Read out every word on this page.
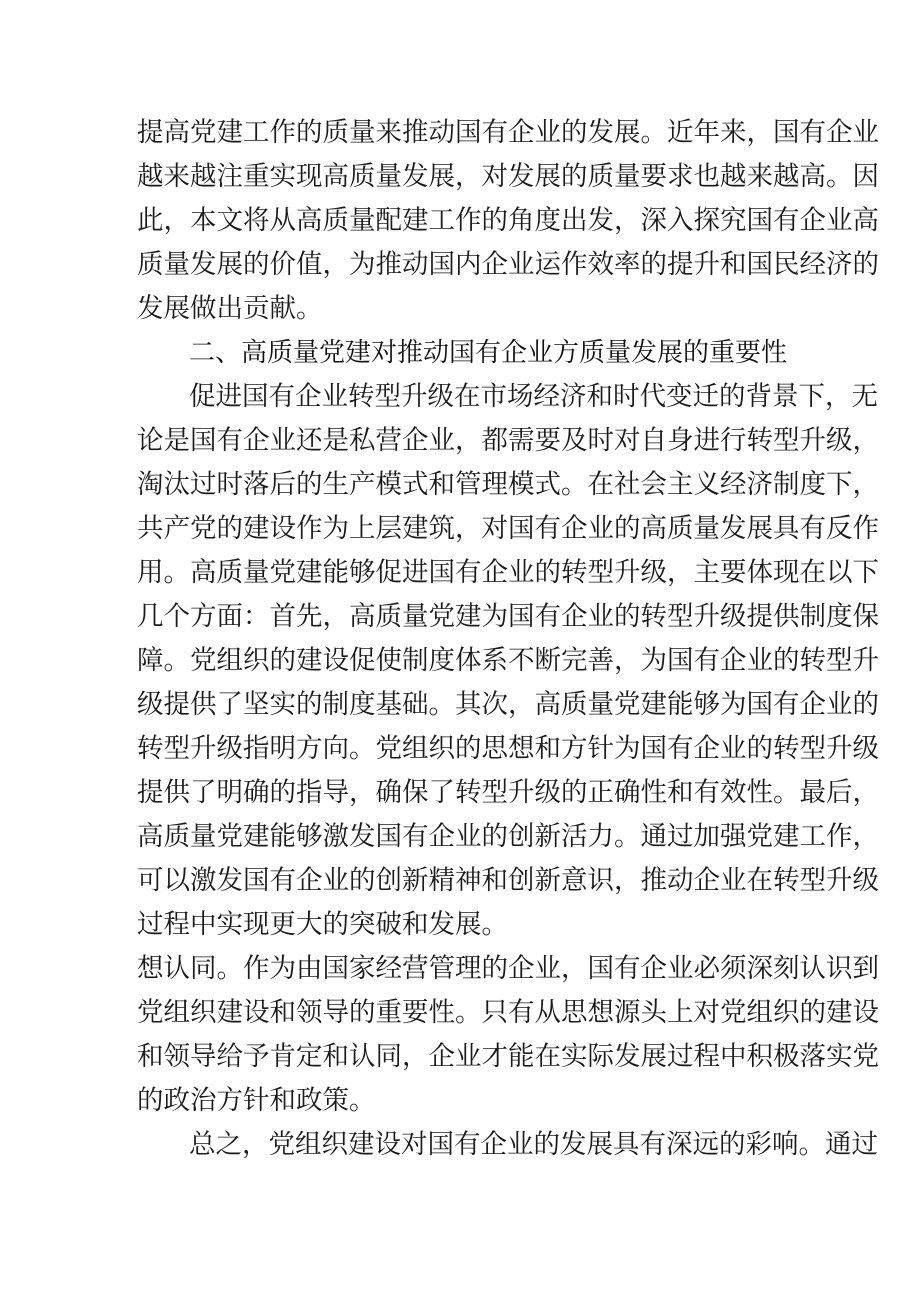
提高党建工作的质量来推动国有企业的发展。近年来，国有企业
越来越注重实现高质量发展，对发展的质量要求也越来越高。因
此，本文将从高质量配建工作的角度出发，深入探究国有企业高
质量发展的价值，为推动国内企业运作效率的提升和国民经济的
发展做出贡献。
二、高质量党建对推动国有企业方质量发展的重要性
促进国有企业转型升级在市场经济和时代变迁的背景下，无
论是国有企业还是私营企业，都需要及时对自身进行转型升级，
淘汰过时落后的生产模式和管理模式。在社会主义经济制度下，
共产党的建设作为上层建筑，对国有企业的高质量发展具有反作
用。高质量党建能够促进国有企业的转型升级，主要体现在以下
几个方面：首先，高质量党建为国有企业的转型升级提供制度保
障。党组织的建设促使制度体系不断完善，为国有企业的转型升
级提供了坚实的制度基础。其次，高质量党建能够为国有企业的
转型升级指明方向。党组织的思想和方针为国有企业的转型升级
提供了明确的指导，确保了转型升级的正确性和有效性。最后，
高质量党建能够激发国有企业的创新活力。通过加强党建工作，
可以激发国有企业的创新精神和创新意识，推动企业在转型升级
过程中实现更大的突破和发展。
想认同。作为由国家经营管理的企业，国有企业必须深刻认识到
党组织建设和领导的重要性。只有从思想源头上对党组织的建设
和领导给予肯定和认同，企业才能在实际发展过程中积极落实党
的政治方针和政策。
总之，党组织建设对国有企业的发展具有深远的彩响。通过
